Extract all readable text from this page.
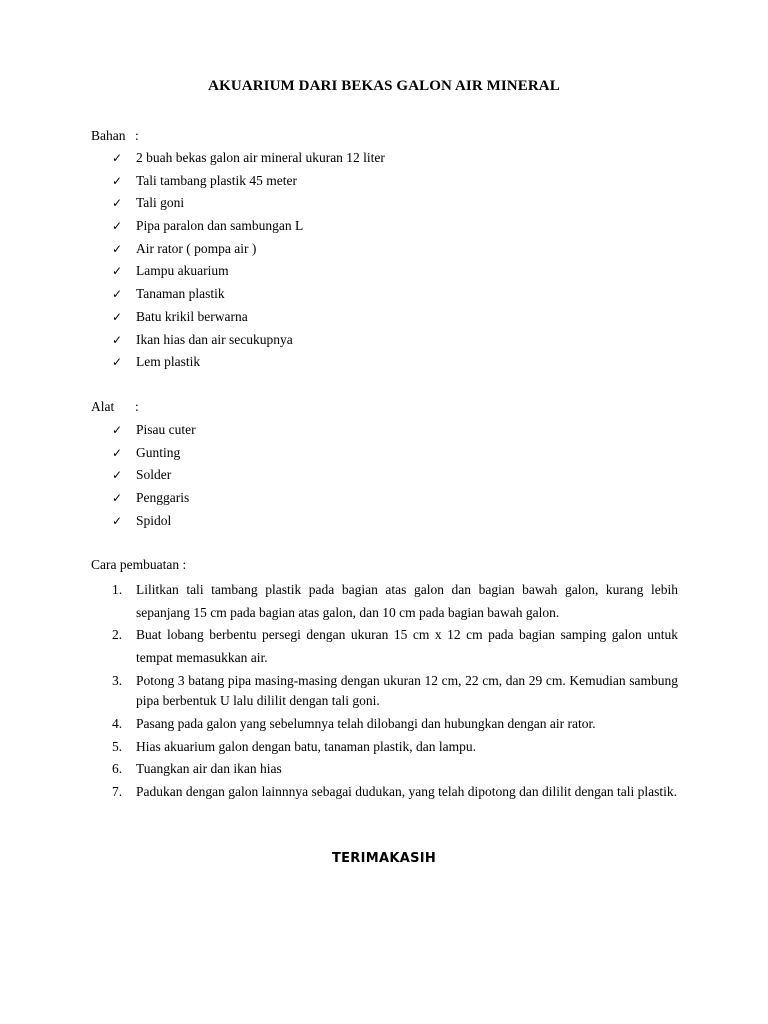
AKUARIUM DARI BEKAS GALON AIR MINERAL
Bahan :
✓ 2 buah bekas galon air mineral ukuran 12 liter
✓ Tali tambang plastik 45 meter
✓ Tali goni
✓ Pipa paralon dan sambungan L
✓ Air rator ( pompa air )
✓ Lampu akuarium
✓ Tanaman plastik
✓ Batu krikil berwarna
✓ Ikan hias dan air secukupnya
✓ Lem plastik
Alat :
✓ Pisau cuter
✓ Gunting
✓ Solder
✓ Penggaris
✓ Spidol
Cara pembuatan :
1. Lilitkan tali tambang plastik pada bagian atas galon dan bagian bawah galon, kurang lebih sepanjang 15 cm pada bagian atas galon, dan 10 cm pada bagian bawah galon.
2. Buat lobang berbentu persegi dengan ukuran 15 cm x 12 cm pada bagian samping galon untuk tempat memasukkan air.
3. Potong 3 batang pipa masing-masing dengan ukuran 12 cm, 22 cm, dan 29 cm. Kemudian sambung pipa berbentuk U lalu dililit dengan tali goni.
4. Pasang pada galon yang sebelumnya telah dilobangi dan hubungkan dengan air rator.
5. Hias akuarium galon dengan batu, tanaman plastik, dan lampu.
6. Tuangkan air dan ikan hias
7. Padukan dengan galon lainnnya sebagai dudukan, yang telah dipotong dan dililit dengan tali plastik.
TERIMAKASIH
